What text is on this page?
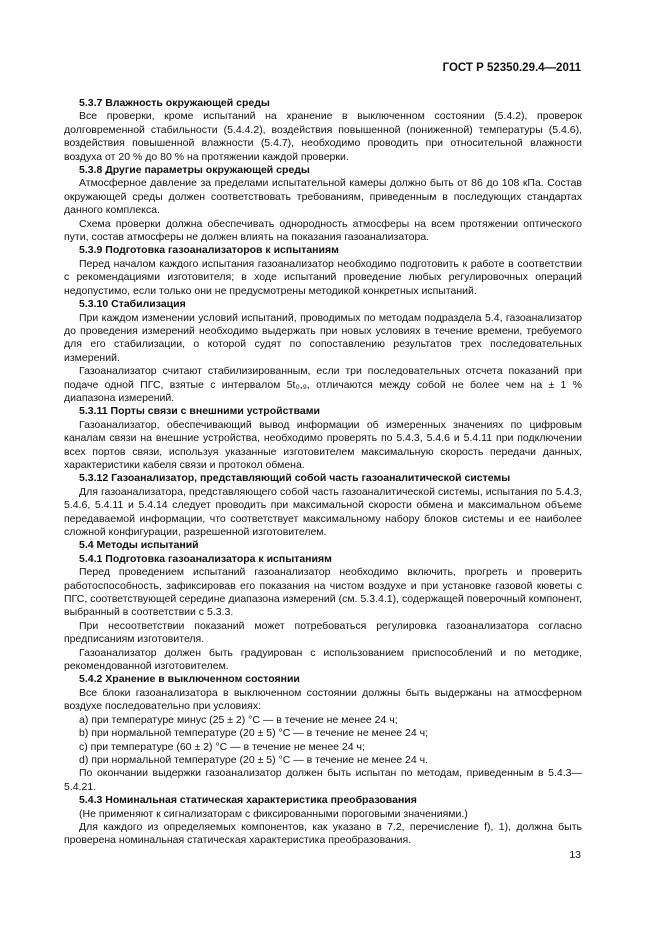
ГОСТ Р 52350.29.4—2011
5.3.7 Влажность окружающей среды

Все проверки, кроме испытаний на хранение в выключенном состоянии (5.4.2), проверок долговременной стабильности (5.4.4.2), воздействия повышенной (пониженной) температуры (5.4.6), воздействия повышенной влажности (5.4.7), необходимо проводить при относительной влажности воздуха от 20 % до 80 % на протяжении каждой проверки.

5.3.8 Другие параметры окружающей среды

Атмосферное давление за пределами испытательной камеры должно быть от 86 до 108 кПа. Состав окружающей среды должен соответствовать требованиям, приведенным в последующих стандартах данного комплекса.

Схема проверки должна обеспечивать однородность атмосферы на всем протяжении оптического пути, состав атмосферы не должен влиять на показания газоанализатора.

5.3.9 Подготовка газоанализаторов к испытаниям

Перед началом каждого испытания газоанализатор необходимо подготовить к работе в соответствии с рекомендациями изготовителя; в ходе испытаний проведение любых регулировочных операций недопустимо, если только они не предусмотрены методикой конкретных испытаний.

5.3.10 Стабилизация

При каждом изменении условий испытаний, проводимых по методам подраздела 5.4, газоанализатор до проведения измерений необходимо выдержать при новых условиях в течение времени, требуемого для его стабилизации, о которой судят по сопоставлению результатов трех последовательных измерений.

Газоанализатор считают стабилизированным, если три последовательных отсчета показаний при подаче одной ПГС, взятые с интервалом 5t₀,₉, отличаются между собой не более чем на ± 1 % диапазона измерений.

5.3.11 Порты связи с внешними устройствами

Газоанализатор, обеспечивающий вывод информации об измеренных значениях по цифровым каналам связи на внешние устройства, необходимо проверять по 5.4.3, 5.4.6 и 5.4.11 при подключении всех портов связи, используя указанные изготовителем максимальную скорость передачи данных, характеристики кабеля связи и протокол обмена.

5.3.12 Газоанализатор, представляющий собой часть газоаналитической системы

Для газоанализатора, представляющего собой часть газоаналитической системы, испытания по 5.4.3, 5.4.6, 5.4.11 и 5.4.14 следует проводить при максимальной скорости обмена и максимальном объеме передаваемой информации, что соответствует максимальному набору блоков системы и ее наиболее сложной конфигурации, разрешенной изготовителем.

5.4 Методы испытаний
5.4.1 Подготовка газоанализатора к испытаниям

Перед проведением испытаний газоанализатор необходимо включить, прогреть и проверить работоспособность, зафиксировав его показания на чистом воздухе и при установке газовой кюветы с ПГС, соответствующей середине диапазона измерений (см. 5.3.4.1), содержащей поверочный компонент, выбранный в соответствии с 5.3.3.

При несоответствии показаний может потребоваться регулировка газоанализатора согласно предписаниям изготовителя.

Газоанализатор должен быть градуирован с использованием приспособлений и по методике, рекомендованной изготовителем.

5.4.2 Хранение в выключенном состоянии

Все блоки газоанализатора в выключенном состоянии должны быть выдержаны на атмосферном воздухе последовательно при условиях:

a) при температуре минус (25 ± 2) °C — в течение не менее 24 ч;

b) при нормальной температуре (20 ± 5) °C — в течение не менее 24 ч;

c) при температуре (60 ± 2) °C — в течение не менее 24 ч;

d) при нормальной температуре (20 ± 5) °C — в течение не менее 24 ч.

По окончании выдержки газоанализатор должен быть испытан по методам, приведенным в 5.4.3—5.4.21.

5.4.3 Номинальная статическая характеристика преобразования

(Не применяют к сигнализаторам с фиксированными пороговыми значениями.)

Для каждого из определяемых компонентов, как указано в 7.2, перечисление f), 1), должна быть проверена номинальная статическая характеристика преобразования.

13
